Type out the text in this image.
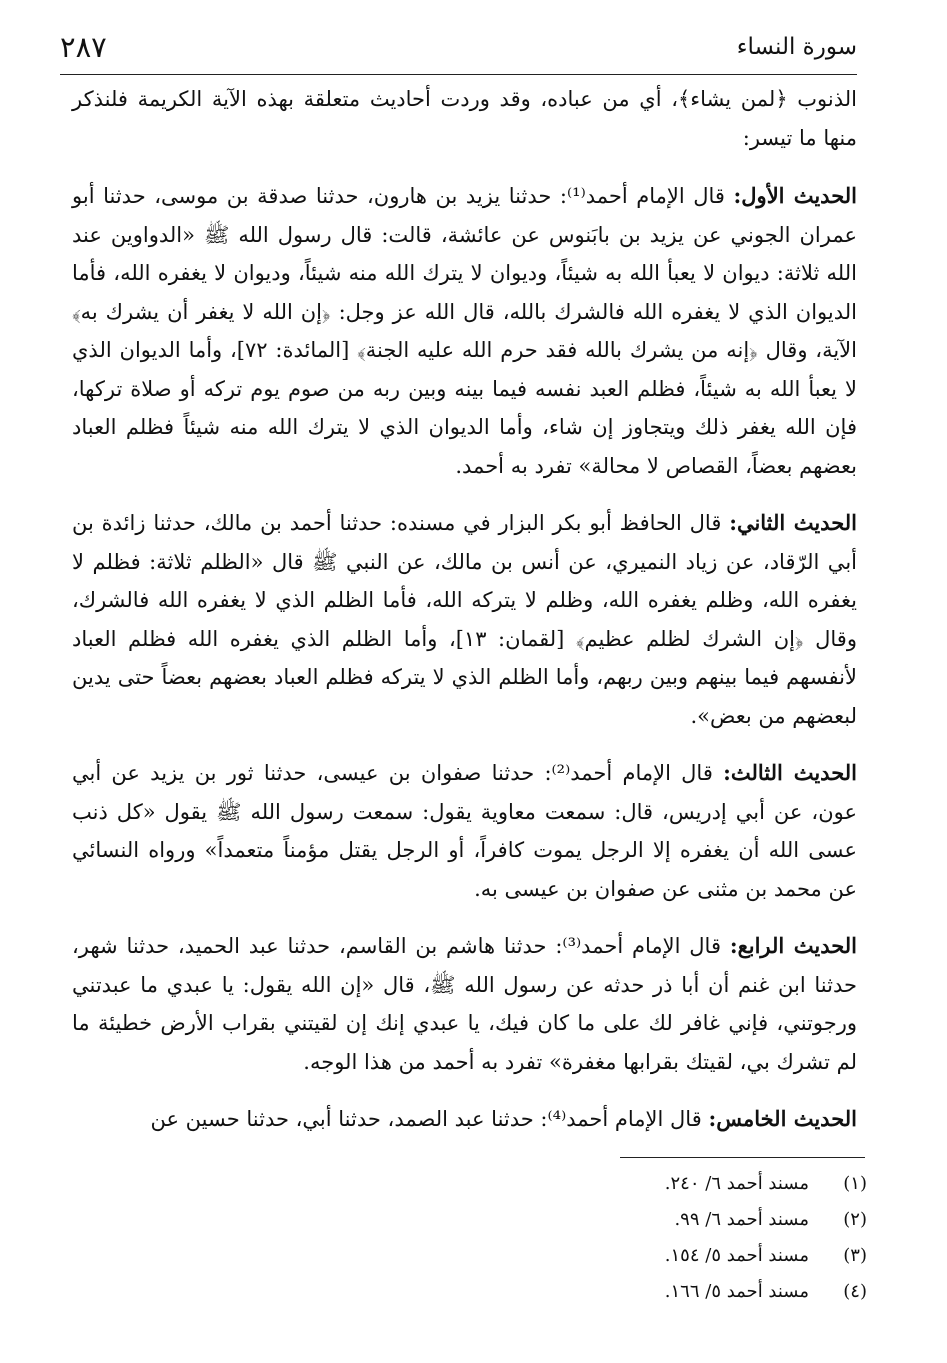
سورة النساء
٢٨٧

الذنوب ﴿لمن يشاء﴾، أي من عباده، وقد وردت أحاديث متعلقة بهذه الآية الكريمة فلنذكر منها ما تيسر:

الحديث الأول: قال الإمام أحمد⁽¹⁾: حدثنا يزيد بن هارون، حدثنا صدقة بن موسى، حدثنا أبو عمران الجوني عن يزيد بن بابَنوس عن عائشة، قالت: قال رسول الله ﷺ «الدواوين عند الله ثلاثة: ديوان لا يعبأ الله به شيئاً، وديوان لا يترك الله منه شيئاً، وديوان لا يغفره الله، فأما الديوان الذي لا يغفره الله فالشرك بالله، قال الله عز وجل: ﴿إن الله لا يغفر أن يشرك به﴾ الآية، وقال ﴿إنه من يشرك بالله فقد حرم الله عليه الجنة﴾ [المائدة: ٧٢]، وأما الديوان الذي لا يعبأ الله به شيئاً، فظلم العبد نفسه فيما بينه وبين ربه من صوم يوم تركه أو صلاة تركها، فإن الله يغفر ذلك ويتجاوز إن شاء، وأما الديوان الذي لا يترك الله منه شيئاً فظلم العباد بعضهم بعضاً، القصاص لا محالة» تفرد به أحمد.

الحديث الثاني: قال الحافظ أبو بكر البزار في مسنده: حدثنا أحمد بن مالك، حدثنا زائدة بن أبي الرّقاد، عن زياد النميري، عن أنس بن مالك، عن النبي ﷺ قال «الظلم ثلاثة: فظلم لا يغفره الله، وظلم يغفره الله، وظلم لا يتركه الله، فأما الظلم الذي لا يغفره الله فالشرك، وقال ﴿إن الشرك لظلم عظيم﴾ [لقمان: ١٣]، وأما الظلم الذي يغفره الله فظلم العباد لأنفسهم فيما بينهم وبين ربهم، وأما الظلم الذي لا يتركه فظلم العباد بعضهم بعضاً حتى يدين لبعضهم من بعض».

الحديث الثالث: قال الإمام أحمد⁽²⁾: حدثنا صفوان بن عيسى، حدثنا ثور بن يزيد عن أبي عون، عن أبي إدريس، قال: سمعت معاوية يقول: سمعت رسول الله ﷺ يقول «كل ذنب عسى الله أن يغفره إلا الرجل يموت كافراً، أو الرجل يقتل مؤمناً متعمداً» ورواه النسائي عن محمد بن مثنى عن صفوان بن عيسى به.

الحديث الرابع: قال الإمام أحمد⁽³⁾: حدثنا هاشم بن القاسم، حدثنا عبد الحميد، حدثنا شهر، حدثنا ابن غنم أن أبا ذر حدثه عن رسول الله ﷺ، قال «إن الله يقول: يا عبدي ما عبدتني ورجوتني، فإني غافر لك على ما كان فيك، يا عبدي إنك إن لقيتني بقراب الأرض خطيئة ما لم تشرك بي، لقيتك بقرابها مغفرة» تفرد به أحمد من هذا الوجه.

الحديث الخامس: قال الإمام أحمد⁽⁴⁾: حدثنا عبد الصمد، حدثنا أبي، حدثنا حسين عن

(١)مسند أحمد ٦/ ٢٤٠.
(٢)مسند أحمد ٦/ ٩٩.
(٣)مسند أحمد ٥/ ١٥٤.
(٤)مسند أحمد ٥/ ١٦٦.
